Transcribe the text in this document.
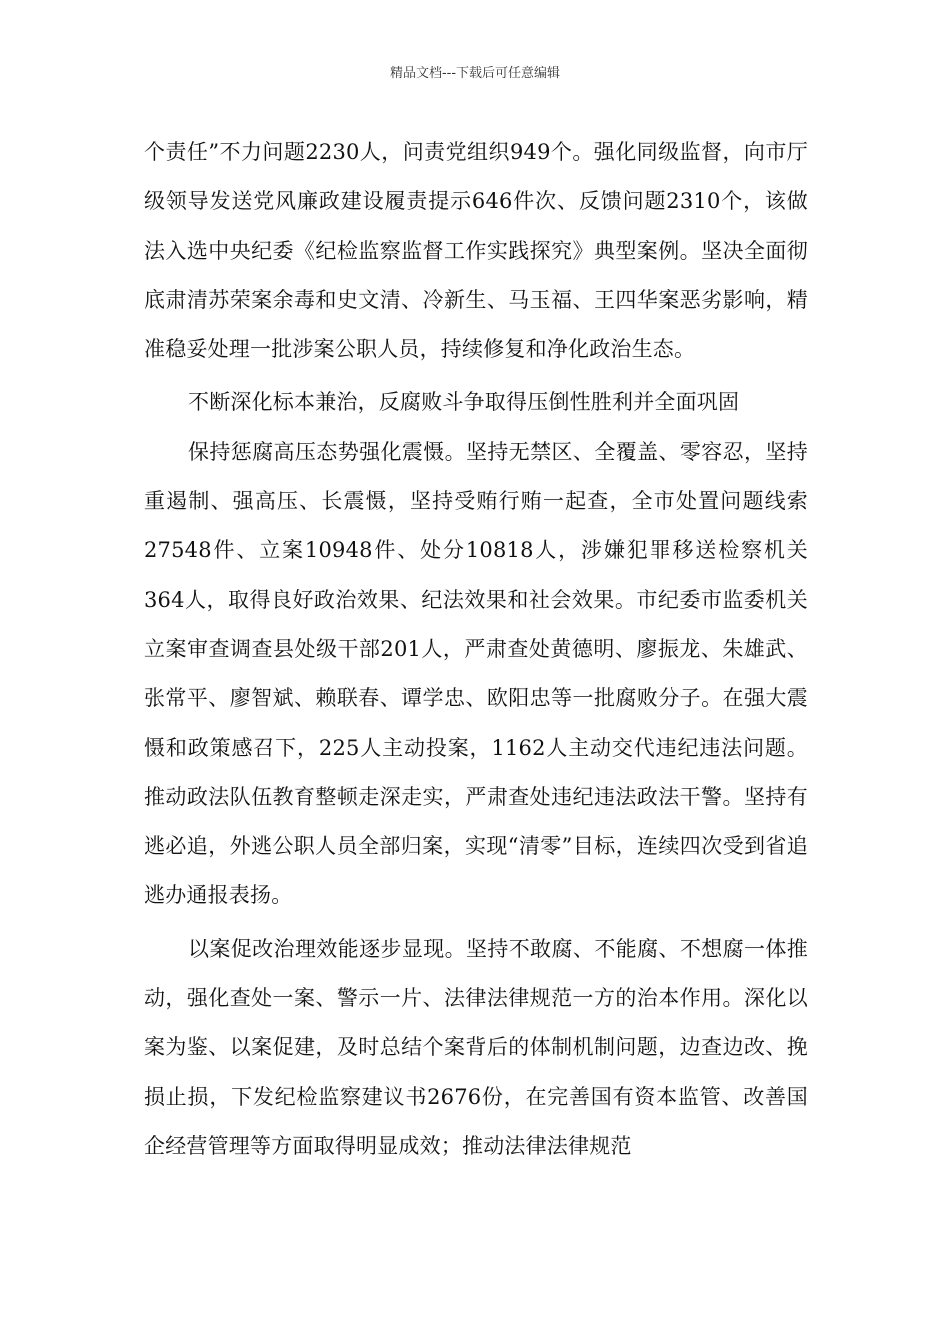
精品文档---下载后可任意编辑

个责任”不力问题2230人，问责党组织949个。强化同级监督，向市厅级领导发送党风廉政建设履责提示646件次、反馈问题2310个，该做法入选中央纪委《纪检监察监督工作实践探究》典型案例。坚决全面彻底肃清苏荣案余毒和史文清、冷新生、马玉福、王四华案恶劣影响，精准稳妥处理一批涉案公职人员，持续修复和净化政治生态。

不断深化标本兼治，反腐败斗争取得压倒性胜利并全面巩固

保持惩腐高压态势强化震慑。坚持无禁区、全覆盖、零容忍，坚持重遏制、强高压、长震慑，坚持受贿行贿一起查，全市处置问题线索27548件、立案10948件、处分10818人，涉嫌犯罪移送检察机关364人，取得良好政治效果、纪法效果和社会效果。市纪委市监委机关立案审查调查县处级干部201人，严肃查处黄德明、廖振龙、朱雄武、张常平、廖智斌、赖联春、谭学忠、欧阳忠等一批腐败分子。在强大震慑和政策感召下，225人主动投案，1162人主动交代违纪违法问题。推动政法队伍教育整顿走深走实，严肃查处违纪违法政法干警。坚持有逃必追，外逃公职人员全部归案，实现“清零”目标，连续四次受到省追逃办通报表扬。

以案促改治理效能逐步显现。坚持不敢腐、不能腐、不想腐一体推动，强化查处一案、警示一片、法律法律规范一方的治本作用。深化以案为鉴、以案促建，及时总结个案背后的体制机制问题，边查边改、挽损止损，下发纪检监察建议书2676份，在完善国有资本监管、改善国企经营管理等方面取得明显成效；推动法律法律规范
